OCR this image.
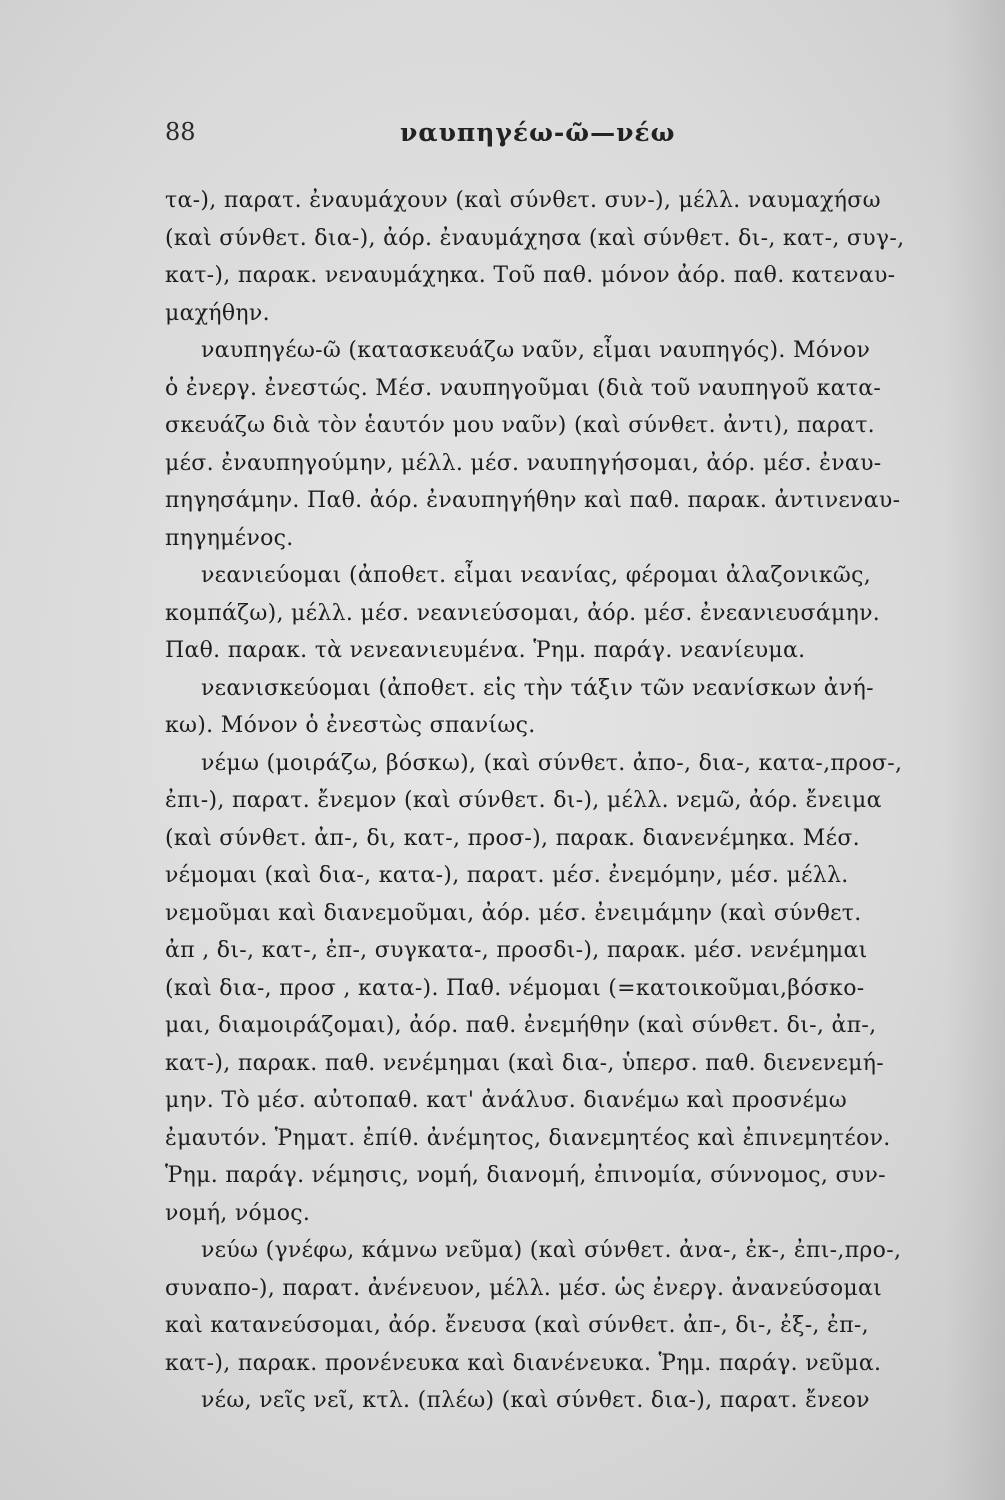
88	ναυπηγέω-ῶ—νέω
τα-), παρατ. ἐναυμάχουν (καὶ σύνθετ. συν-), μέλλ. ναυμαχήσω
(καὶ σύνθετ. δια-), ἀόρ. ἐναυμάχησα (καὶ σύνθετ. δι-, κατ-, συγ-,
κατ-), παρακ. νεναυμάχηκα. Τοῦ παθ. μόνον ἀόρ. παθ. κατεναυ-
μαχήθην.
ναυπηγέω-ῶ (κατασκευάζω ναῦν, εἶμαι ναυπηγός). Μόνον
ὁ ἐνεργ. ἐνεστώς. Μέσ. ναυπηγοῦμαι (διὰ τοῦ ναυπηγοῦ κατα-
σκευάζω διὰ τὸν ἑαυτόν μου ναῦν) (καὶ σύνθετ. ἀντι), παρατ.
μέσ. ἐναυπηγούμην, μέλλ. μέσ. ναυπηγήσομαι, ἀόρ. μέσ. ἐναυ-
πηγησάμην. Παθ. ἀόρ. ἐναυπηγήθην καὶ παθ. παρακ. ἀντινεναυ-
πηγημένος.
νεανιεύομαι (ἀποθετ. εἶμαι νεανίας, φέρομαι ἀλαζονικῶς,
κομπάζω), μέλλ. μέσ. νεανιεύσομαι, ἀόρ. μέσ. ἐνεανιευσάμην.
Παθ. παρακ. τὰ νενεανιευμένα. Ῥημ. παράγ. νεανίευμα.
νεανισκεύομαι (ἀποθετ. εἰς τὴν τάξιν τῶν νεανίσκων ἀνή-
κω). Μόνον ὁ ἐνεστὼς σπανίως.
νέμω (μοιράζω, βόσκω), (καὶ σύνθετ. ἀπο-, δια-, κατα-,προσ-,
ἐπι-), παρατ. ἔνεμον (καὶ σύνθετ. δι-), μέλλ. νεμῶ, ἀόρ. ἔνειμα
(καὶ σύνθετ. ἀπ-, δι, κατ-, προσ-), παρακ. διανενέμηκα. Μέσ.
νέμομαι (καὶ δια-, κατα-), παρατ. μέσ. ἐνεμόμην, μέσ. μέλλ.
νεμοῦμαι καὶ διανεμοῦμαι, ἀόρ. μέσ. ἐνειμάμην (καὶ σύνθετ.
ἀπ , δι-, κατ-, ἐπ-, συγκατα-, προσδι-), παρακ. μέσ. νενέμημαι
(καὶ δια-, προσ , κατα-). Παθ. νέμομαι (=κατοικοῦμαι,βόσκο-
μαι, διαμοιράζομαι), ἀόρ. παθ. ἐνεμήθην (καὶ σύνθετ. δι-, ἀπ-,
κατ-), παρακ. παθ. νενέμημαι (καὶ δια-, ὑπερσ. παθ. διενενεμή-
μην. Τὸ μέσ. αὐτοπαθ. κατ' ἀνάλυσ. διανέμω καὶ προσνέμω
ἐμαυτόν. Ῥηματ. ἐπίθ. ἀνέμητος, διανεμητέος καὶ ἐπινεμητέον.
Ῥημ. παράγ. νέμησις, νομή, διανομή, ἐπινομία, σύννομος, συν-
νομή, νόμος.
νεύω (γνέφω, κάμνω νεῦμα) (καὶ σύνθετ. ἀνα-, ἐκ-, ἐπι-,προ-,
συναπο-), παρατ. ἀνένευον, μέλλ. μέσ. ὡς ἐνεργ. ἀνανεύσομαι
καὶ κατανεύσομαι, ἀόρ. ἔνευσα (καὶ σύνθετ. ἀπ-, δι-, ἐξ-, ἐπ-,
κατ-), παρακ. προνένευκα καὶ διανένευκα. Ῥημ. παράγ. νεῦμα.
νέω, νεῖς νεῖ, κτλ. (πλέω) (καὶ σύνθετ. δια-), παρατ. ἔνεον
